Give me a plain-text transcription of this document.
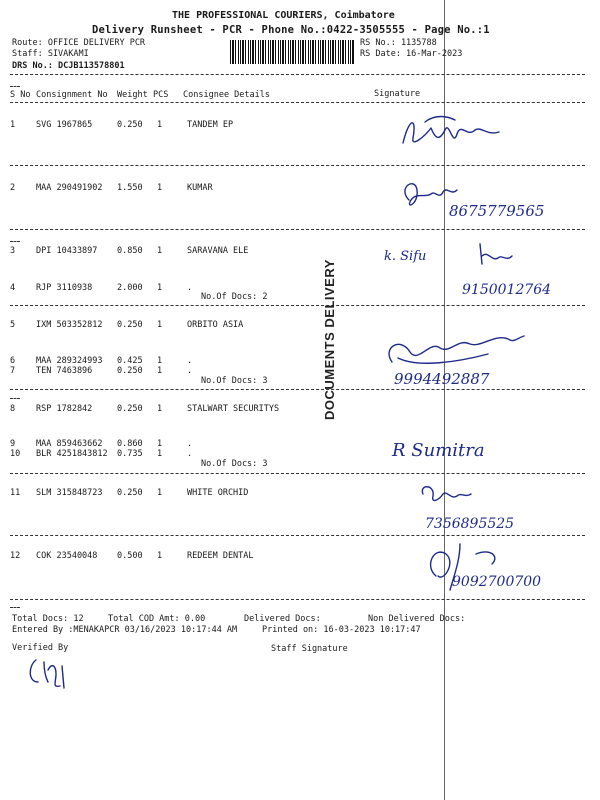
THE PROFESSIONAL COURIERS, Coimbatore
Delivery Runsheet - PCR - Phone No.:0422-3505555 - Page No.:1
Route: OFFICE DELIVERY PCR
Staff: SIVAKAMI
DRS No.: DCJB113578801
RS No.: 1135788
RS Date: 16-Mar-2023
S No Consignment No Weight PCS Consignee Details	Signature
1 SVG 1967865	0.250 1	TANDEM EP
2 MAA 290491902 1.550 1	KUMAR
3 DPI 10433897 0.850 1	SARAVANA ELE
4 RJP 3110938	2.000 1	.
No.Of Docs: 2
5 IXM 503352812 0.250 1	ORBITO ASIA
6 MAA 289324993 0.425 1	.
7 TEN 7463896	0.250 1	.
No.Of Docs: 3
8 RSP 1782842	0.250 1	STALWART SECURITYS
9 MAA 859463662 0.860 1	.
10 BLR 4251843812 0.735 1	.
No.Of Docs: 3
11 SLM 315848723 0.250 1	WHITE ORCHID
12 COK 23540048 0.500 1	REDEEM DENTAL
DOCUMENTS DELIVERY
8675779565
k. Sifu
9150012764
9994492887
R Sumitra
7356895525
9092700700
Total Docs: 12	Total COD Amt: 0.00	Delivered Docs:	Non Delivered Docs:
Entered By :MENAKAPCR 03/16/2023 10:17:44 AM	Printed on: 16-03-2023 10:17:47
Verified By	Staff Signature
